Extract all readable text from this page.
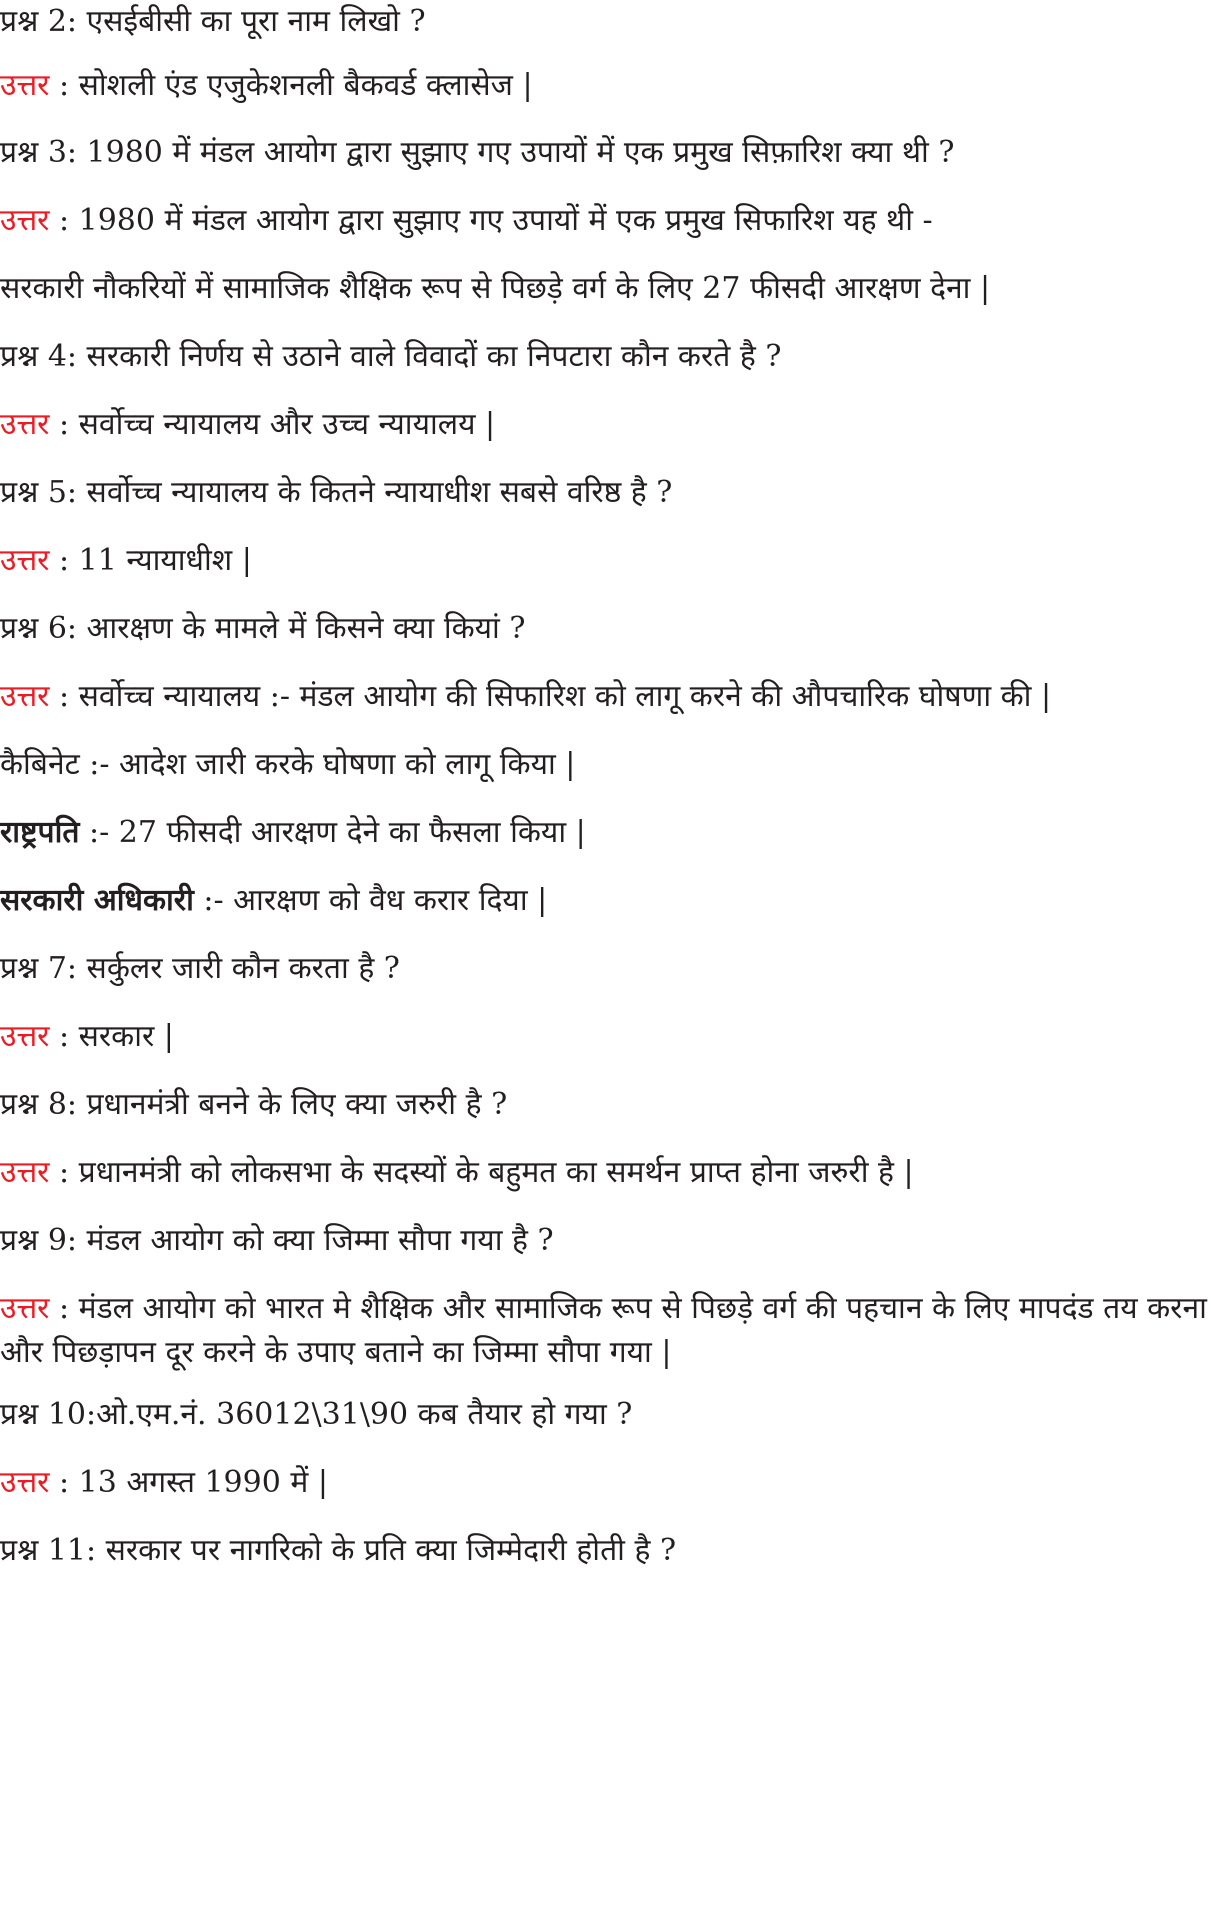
प्रश्न 2: एसईबीसी का पूरा नाम लिखो ?
उत्तर : सोशली एंड एजुकेशनली बैकवर्ड क्लासेज |
प्रश्न 3: 1980 में मंडल आयोग द्वारा सुझाए गए उपायों में एक प्रमुख सिफ़ारिश क्या थी ?
उत्तर : 1980 में मंडल आयोग द्वारा सुझाए गए उपायों में एक प्रमुख सिफारिश यह थी -
सरकारी नौकरियों में सामाजिक शैक्षिक रूप से पिछड़े वर्ग के लिए 27 फीसदी आरक्षण देना |
प्रश्न 4: सरकारी निर्णय से उठाने वाले विवादों का निपटारा कौन करते है ?
उत्तर : सर्वोच्च न्यायालय और उच्च न्यायालय |
प्रश्न 5: सर्वोच्च न्यायालय के कितने न्यायाधीश सबसे वरिष्ठ है ?
उत्तर : 11 न्यायाधीश |
प्रश्न 6: आरक्षण के मामले में किसने क्या कियां ?
उत्तर : सर्वोच्च न्यायालय :- मंडल आयोग की सिफारिश को लागू करने की औपचारिक घोषणा की |
कैबिनेट :- आदेश जारी करके घोषणा को लागू किया |
राष्ट्रपति :- 27 फीसदी आरक्षण देने का फैसला किया |
सरकारी अधिकारी :- आरक्षण को वैध करार दिया |
प्रश्न 7: सर्कुलर जारी कौन करता है ?
उत्तर : सरकार |
प्रश्न 8: प्रधानमंत्री बनने के लिए क्या जरुरी है ?
उत्तर : प्रधानमंत्री को लोकसभा के सदस्यों के बहुमत का समर्थन प्राप्त होना जरुरी है |
प्रश्न 9: मंडल आयोग को क्या जिम्मा सौपा गया है ?
उत्तर : मंडल आयोग को भारत मे शैक्षिक और सामाजिक रूप से पिछड़े वर्ग की पहचान के लिए मापदंड तय करना और पिछड़ापन दूर करने के उपाए बताने का जिम्मा सौपा गया |
प्रश्न 10:ओ.एम.नं. 36012\31\90 कब तैयार हो गया ?
उत्तर : 13 अगस्त 1990 में |
प्रश्न 11: सरकार पर नागरिको के प्रति क्या जिम्मेदारी होती है ?
